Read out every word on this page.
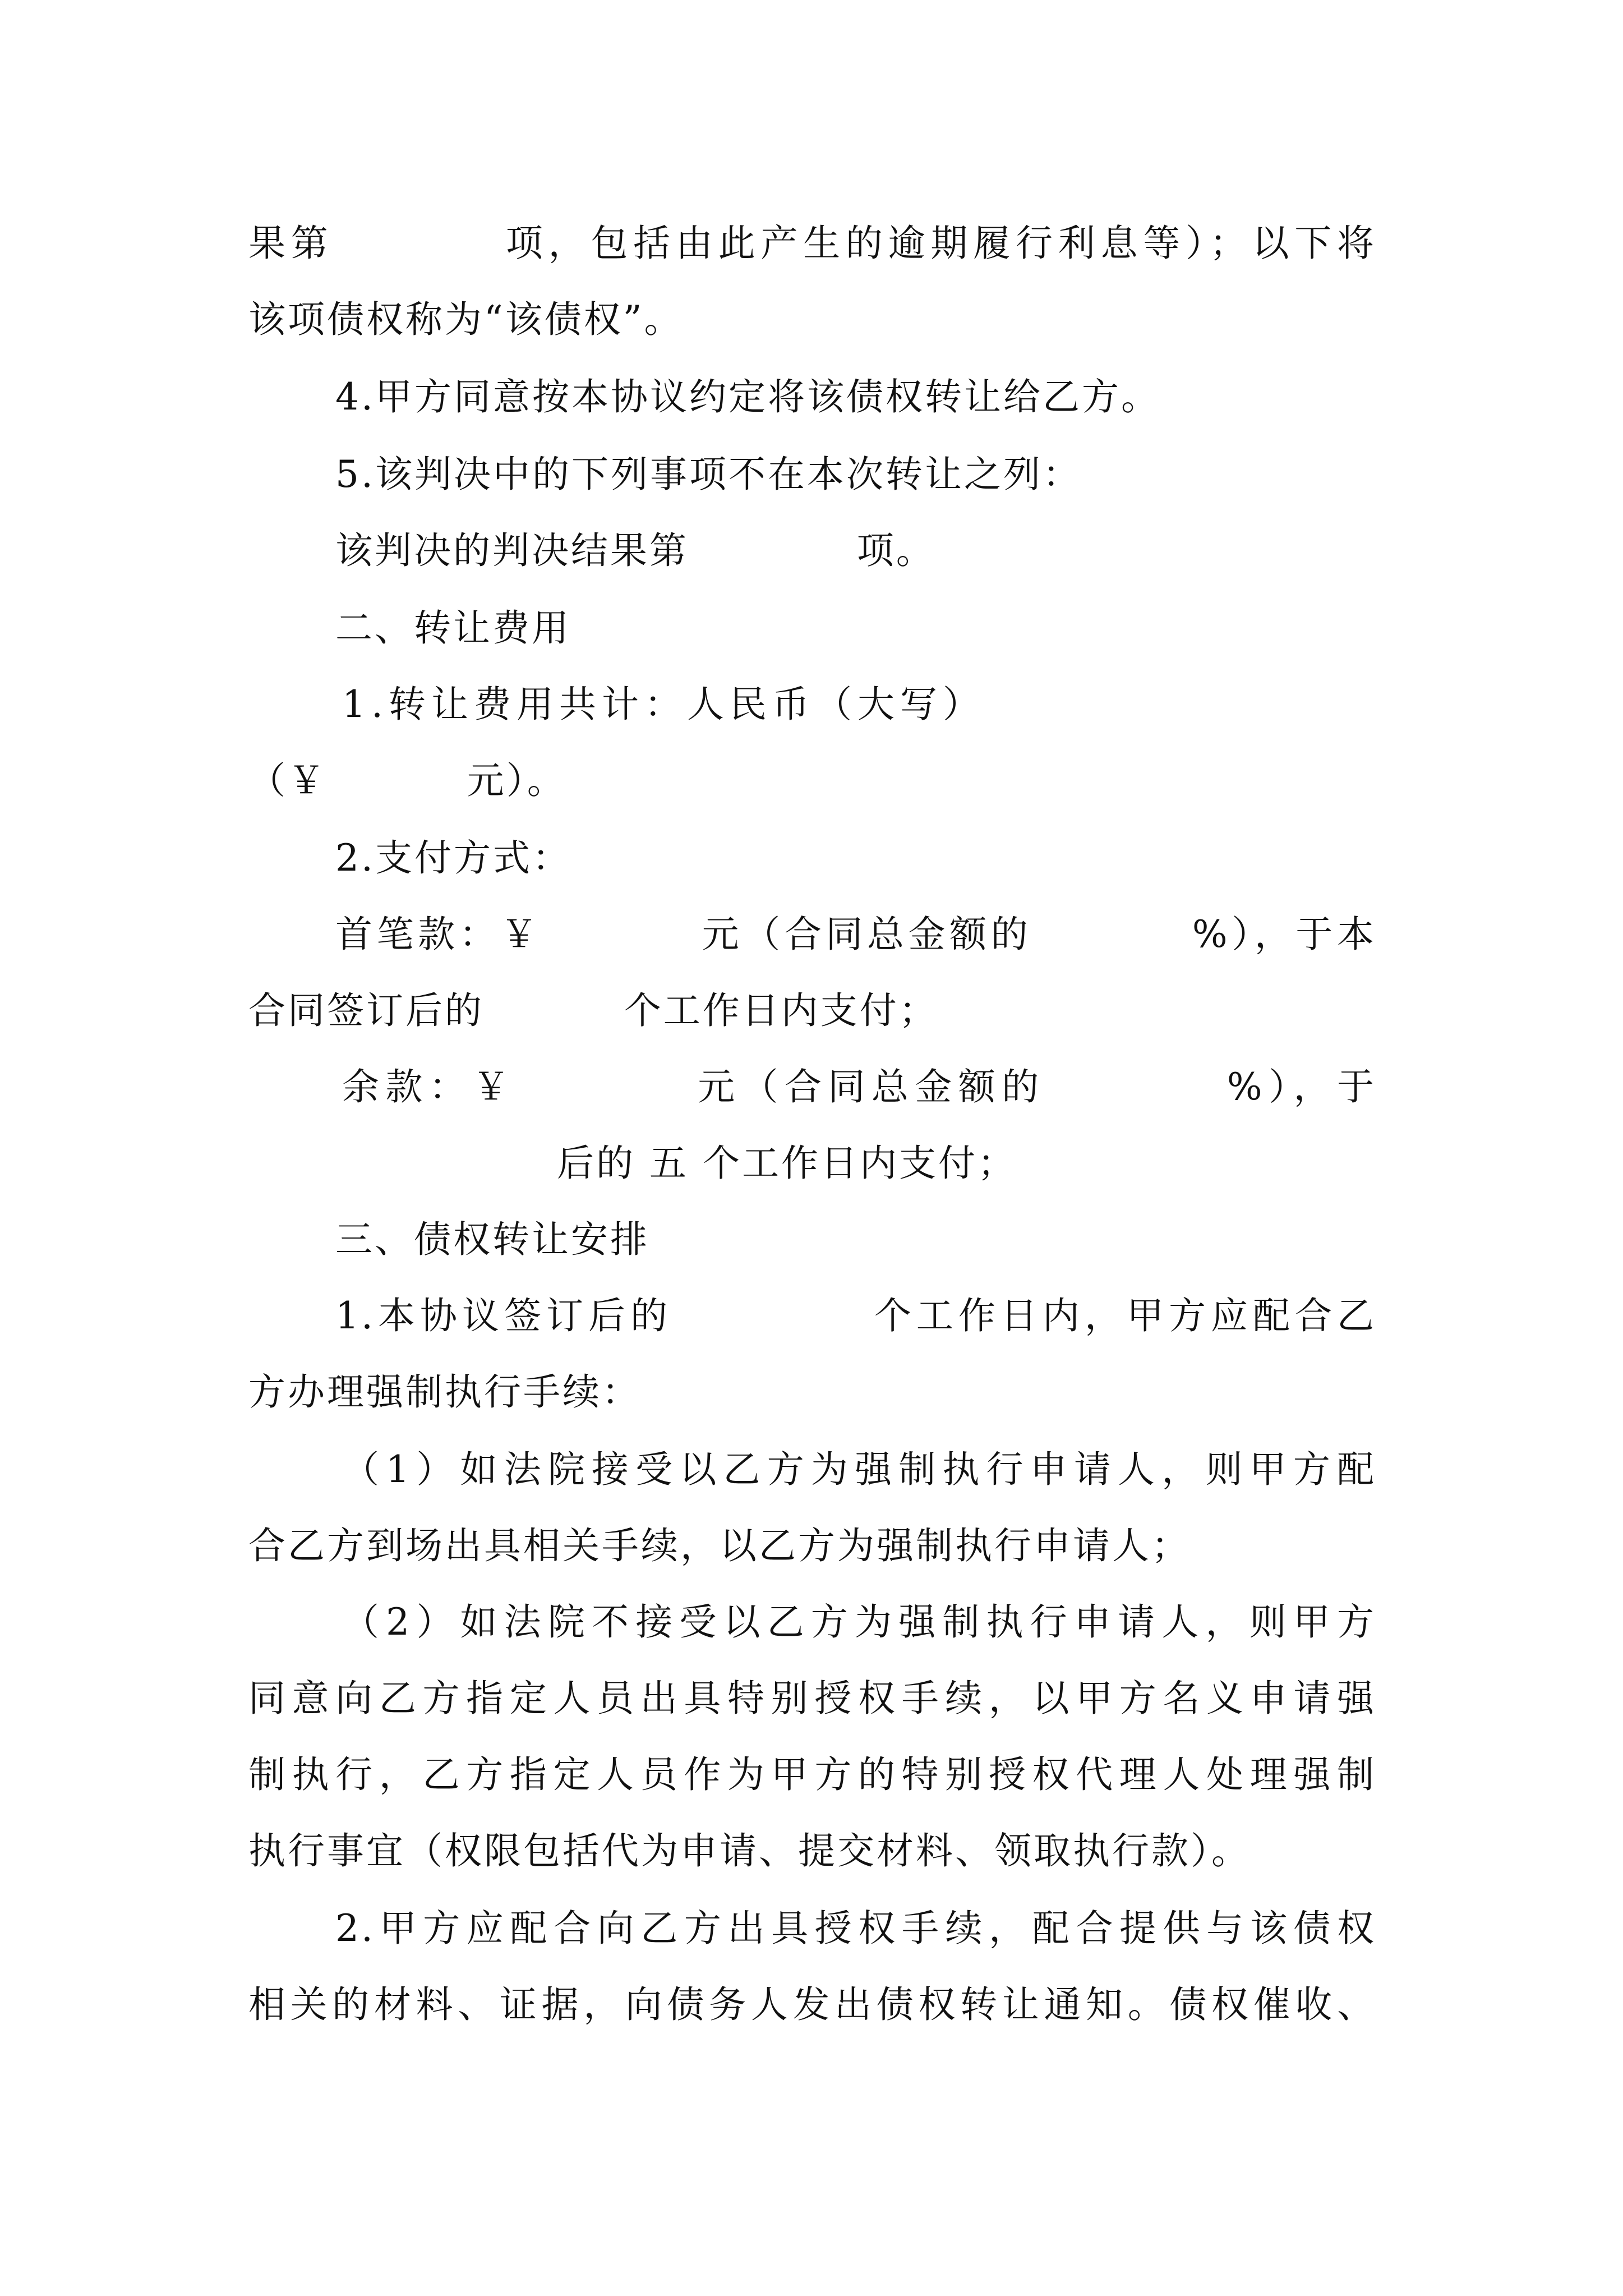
果第          项，包括由此产生的逾期履行利息等）；以下将
该项债权称为“该债权”。
4.甲方同意按本协议约定将该债权转让给乙方。
5.该判决中的下列事项不在本次转让之列：
该判决的判决结果第            项。
二、转让费用
1.转让费用共计：人民币（大写）
（￥          元）。
2.支付方式：
首笔款：￥          元（合同总金额的          %），于本
合同签订后的          个工作日内支付；
余款：￥          元（合同总金额的          %），于
后的 五 个工作日内支付；
三、债权转让安排
1.本协议签订后的            个工作日内，甲方应配合乙
方办理强制执行手续：
（1）如法院接受以乙方为强制执行申请人，则甲方配
合乙方到场出具相关手续，以乙方为强制执行申请人；
（2）如法院不接受以乙方为强制执行申请人，则甲方
同意向乙方指定人员出具特别授权手续，以甲方名义申请强
制执行，乙方指定人员作为甲方的特别授权代理人处理强制
执行事宜（权限包括代为申请、提交材料、领取执行款）。
2.甲方应配合向乙方出具授权手续，配合提供与该债权
相关的材料、证据，向债务人发出债权转让通知。债权催收、
